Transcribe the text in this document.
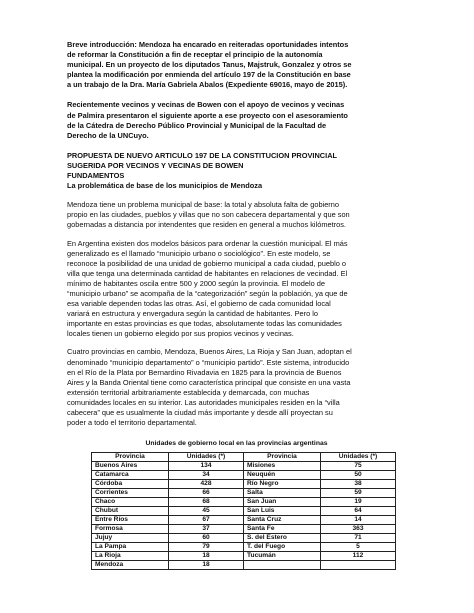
Breve introducción: Mendoza ha encarado en reiteradas oportunidades intentos

de reformar la Constitución a fin de receptar el principio de la autonomía

municipal. En un proyecto de los diputados Tanus, Majstruk, Gonzalez y otros se

plantea la modificación por enmienda del artículo 197 de la Constitución en base

a un trabajo de la Dra. María Gabriela Abalos (Expediente 69016, mayo de 2015).

Recientemente vecinos y vecinas de Bowen con el apoyo de vecinos y vecinas

de Palmira presentaron el siguiente aporte a ese proyecto con el asesoramiento

de la Cátedra de Derecho Público Provincial y Municipal de la Facultad de

Derecho de la UNCuyo.

PROPUESTA DE NUEVO ARTICULO 197 DE LA CONSTITUCION PROVINCIAL

SUGERIDA POR VECINOS Y VECINAS DE BOWEN

FUNDAMENTOS

La problemática de base de los municipios de Mendoza

Mendoza tiene un problema municipal de base: la total y absoluta falta de gobierno

propio en las ciudades, pueblos y villas que no son cabecera departamental y que son

gobernadas a distancia por intendentes que residen en general a muchos kilómetros.

En Argentina existen dos modelos básicos para ordenar la cuestión municipal. El más

generalizado es el llamado “municipio urbano o sociológico”. En este modelo, se

reconoce la posibilidad de una unidad de gobierno municipal a cada ciudad, pueblo o

villa que tenga una determinada cantidad de habitantes en relaciones de vecindad. El

mínimo de habitantes oscila entre 500 y 2000 según la provincia. El modelo de

“municipio urbano” se acompaña de la “categorización” según la población, ya que de

esa variable dependen todas las otras. Así, el gobierno de cada comunidad local

variará en estructura y envergadura según la cantidad de habitantes. Pero lo

importante en estas provincias es que todas, absolutamente todas las comunidades

locales tienen un gobierno elegido por sus propios vecinos y vecinas.

Cuatro provincias en cambio, Mendoza, Buenos Aires, La Rioja y San Juan, adoptan el

denominado “municipio departamento” o “municipio partido”. Este sistema, introducido

en el Río de la Plata por Bernardino Rivadavia en 1825 para la provincia de Buenos

Aires y la Banda Oriental tiene como característica principal que consiste en una vasta

extensión territorial arbitrariamente establecida y demarcada, con muchas

comunidades locales en su interior. Las autoridades municipales residen en la “villa

cabecera” que es usualmente la ciudad más importante y desde allí proyectan su

poder a todo el territorio departamental.

Unidades de gobierno local en las provincias argentinas
Provincia	Unidades (*)	Provincia	Unidades (*)
Buenos Aires	134	Misiones	75
Catamarca	34	Neuquén	50
Córdoba	428	Río Negro	38
Corrientes	66	Salta	59
Chaco	68	San Juan	19
Chubut	45	San Luis	64
Entre Ríos	67	Santa Cruz	14
Formosa	37	Santa Fe	363
Jujuy	60	S. del Estero	71
La Pampa	79	T. del Fuego	5
La Rioja	18	Tucumán	112
Mendoza	18		
